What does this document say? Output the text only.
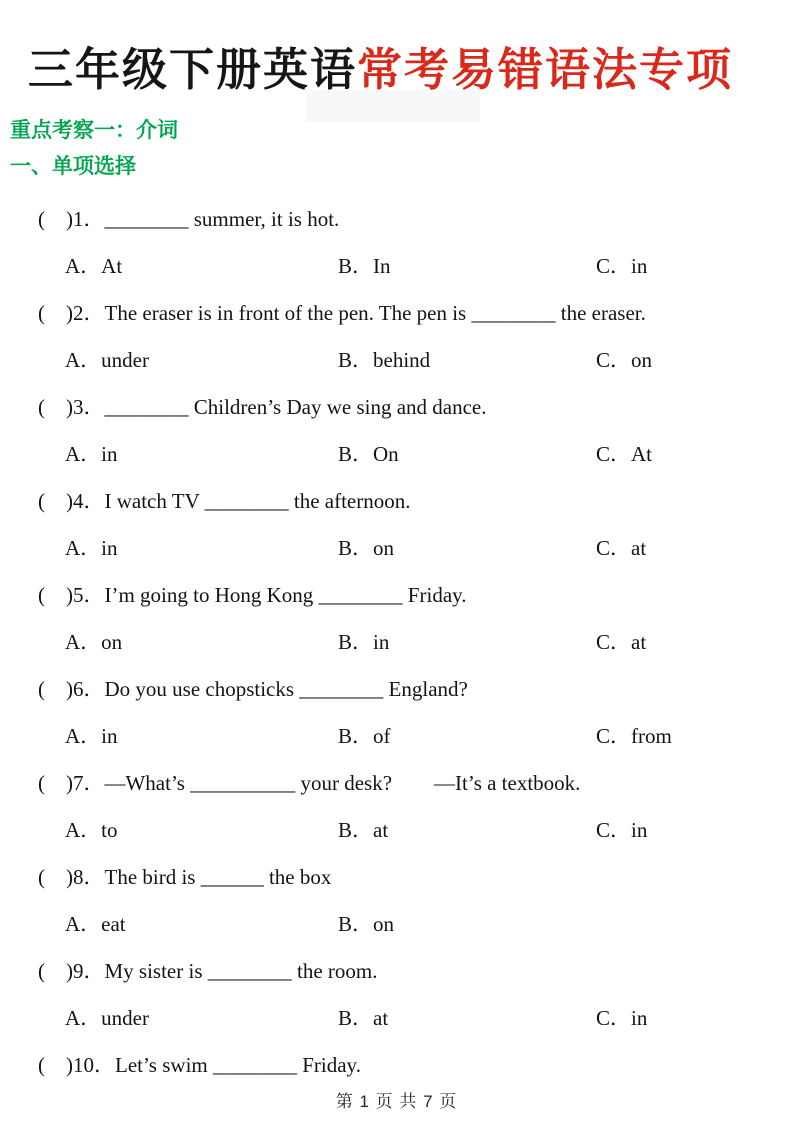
三年级下册英语常考易错语法专项
重点考察一：介词
一、单项选择
(　)1．________ summer, it is hot.
A．At	B．In	C．in
(　)2．The eraser is in front of the pen. The pen is ________ the eraser.
A．under	B．behind	C．on
(　)3．________ Children’s Day we sing and dance.
A．in	B．On	C．At
(　)4．I watch TV ________ the afternoon.
A．in	B．on	C．at
(　)5．I’m going to Hong Kong ________ Friday.
A．on	B．in	C．at
(　)6．Do you use chopsticks ________ England?
A．in	B．of	C．from
(　)7．—What’s __________ your desk?　　—It’s a textbook.
A．to	B．at	C．in
(　)8．The bird is ______ the box
A．eat	B．on
(　)9．My sister is ________ the room.
A．under	B．at	C．in
(　)10．Let’s swim ________ Friday.
第 1 页 共 7 页
